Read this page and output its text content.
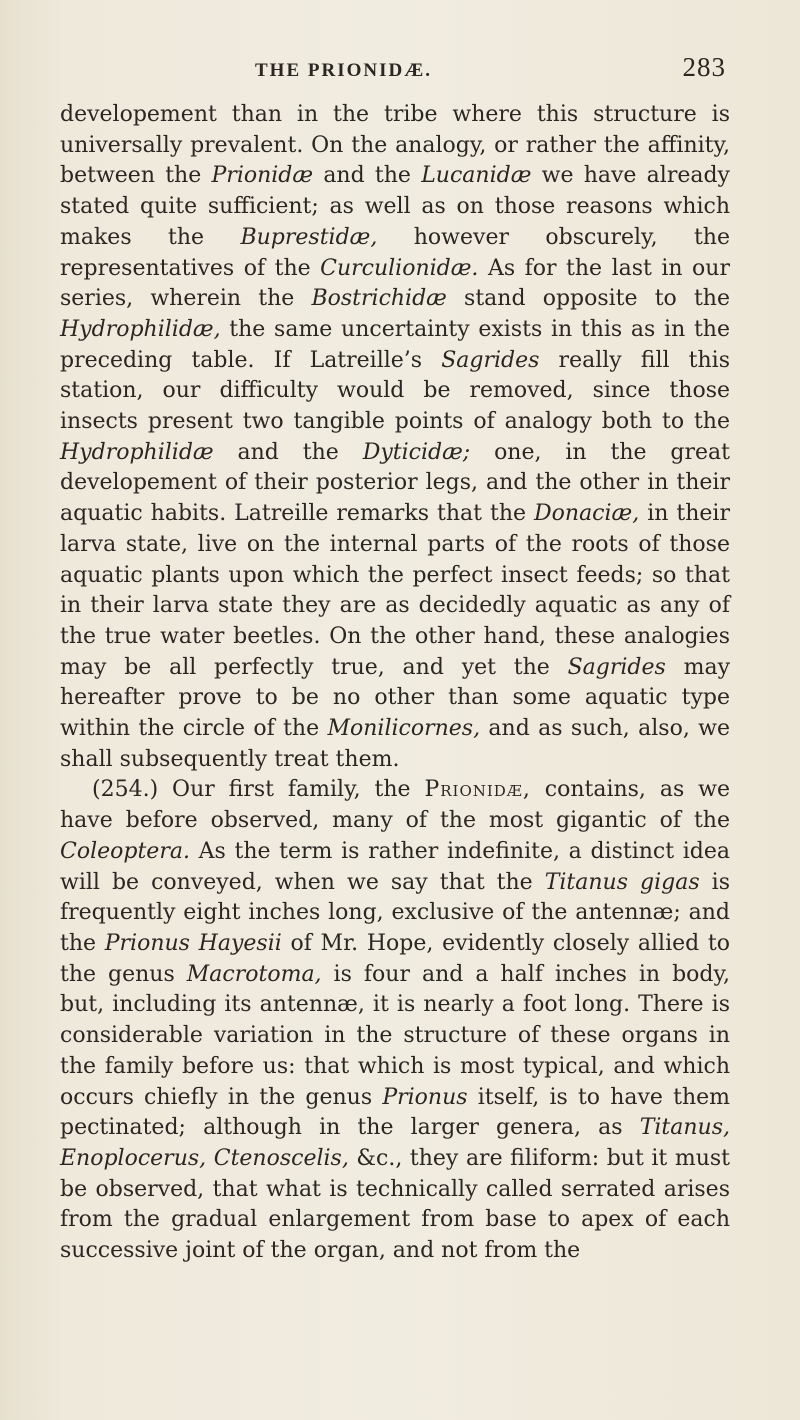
THE PRIONIDÆ.	283

developement than in the tribe where this structure is universally prevalent. On the analogy, or rather the affinity, between the Prionidæ and the Lucanidæ we have already stated quite sufficient; as well as on those reasons which makes the Buprestidæ, however obscurely, the representatives of the Curculionidæ. As for the last in our series, wherein the Bostrichidæ stand opposite to the Hydrophilidæ, the same uncertainty exists in this as in the preceding table. If Latreille’s Sagrides really fill this station, our difficulty would be removed, since those insects present two tangible points of analogy both to the Hydrophilidæ and the Dyticidæ; one, in the great developement of their posterior legs, and the other in their aquatic habits. Latreille remarks that the Donaciæ, in their larva state, live on the internal parts of the roots of those aquatic plants upon which the perfect insect feeds; so that in their larva state they are as decidedly aquatic as any of the true water beetles. On the other hand, these analogies may be all perfectly true, and yet the Sagrides may hereafter prove to be no other than some aquatic type within the circle of the Monilicornes, and as such, also, we shall subsequently treat them.

(254.) Our first family, the Prionidæ, contains, as we have before observed, many of the most gigantic of the Coleoptera. As the term is rather indefinite, a distinct idea will be conveyed, when we say that the Titanus gigas is frequently eight inches long, exclusive of the antennæ; and the Prionus Hayesii of Mr. Hope, evidently closely allied to the genus Macrotoma, is four and a half inches in body, but, including its antennæ, it is nearly a foot long. There is considerable variation in the structure of these organs in the family before us: that which is most typical, and which occurs chiefly in the genus Prionus itself, is to have them pectinated; although in the larger genera, as Titanus, Enoplocerus, Ctenoscelis, &c., they are filiform: but it must be observed, that what is technically called serrated arises from the gradual enlargement from base to apex of each successive joint of the organ, and not from the
